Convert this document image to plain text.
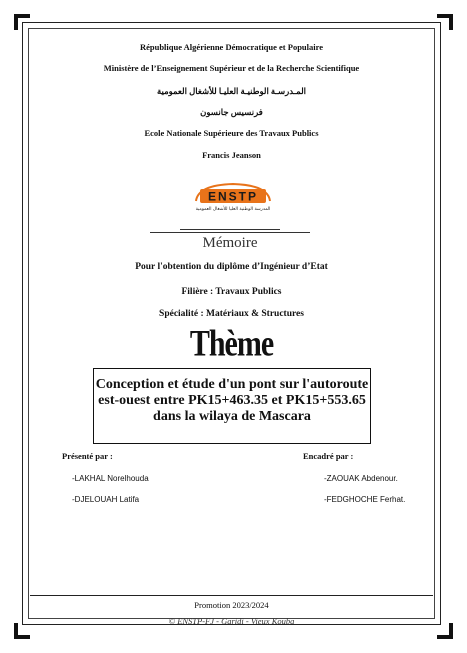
République Algérienne Démocratique et Populaire
Ministère de l’Enseignement Supérieur et de la Recherche Scientifique
المـدرسـة الوطنيـة العليـا للأشغال العمومية
فرنسيس جانسون
Ecole Nationale Supérieure des Travaux Publics
Francis Jeanson
ENSTP
المدرسة الوطنية العليا للأشغال العمومية
Mémoire
Pour l'obtention du diplôme d’Ingénieur d’Etat
Filière : Travaux Publics
Spécialité : Matériaux & Structures
Thème
Conception et étude d'un pont sur l'autoroute
est-ouest entre PK15+463.35 et PK15+553.65
dans la wilaya de Mascara
Présenté par :	Encadré par :
-LAKHAL Norelhouda
-DJELOUAH Latifa
-ZAOUAK Abdenour.
-FEDGHOCHE Ferhat.
Promotion 2023/2024
© ENSTP-FJ - Garidi - Vieux Kouba
